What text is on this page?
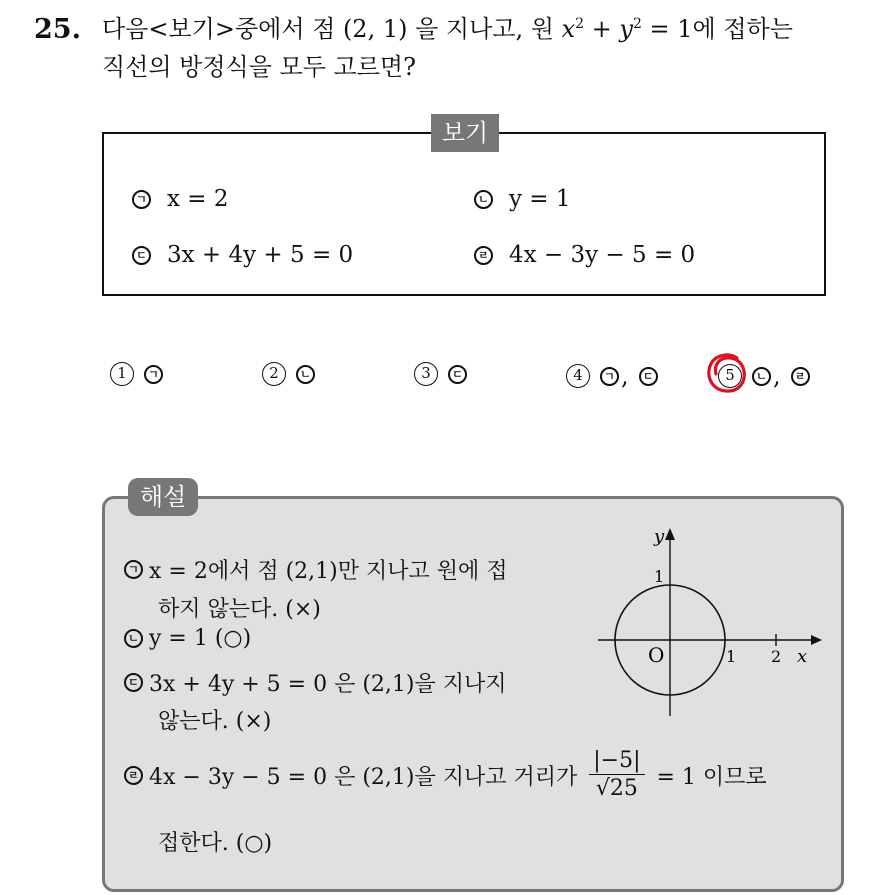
25. 다음<보기>중에서 점 (2, 1) 을 지나고, 원 $x^2 + y^2 = 1$에 접하는
직선의 방정식을 모두 고르면?
보기
ㄱ x = 2	ㄴ y = 1
ㄷ 3x + 4y + 5 = 0	ㄹ 4x − 3y − 5 = 0
1	ㄱ	2	ㄴ	3	ㄷ	4	ㄱ ,	ㄷ	5	ㄴ ,	ㄹ
해설
ㄱ x = 2에서 점 (2,1)만 지나고 원에 접
하지 않는다. (×)
ㄴ y = 1 (○)
ㄷ 3x + 4y + 5 = 0 은 (2,1)을 지나지
않는다. (×)
ㄹ 4x − 3y − 5 = 0 은 (2,1)을 지나고 거리가 $\frac{|-5|}{√25} = 1$ 이므로
접한다. (○)
y
x
O
1
1 2
